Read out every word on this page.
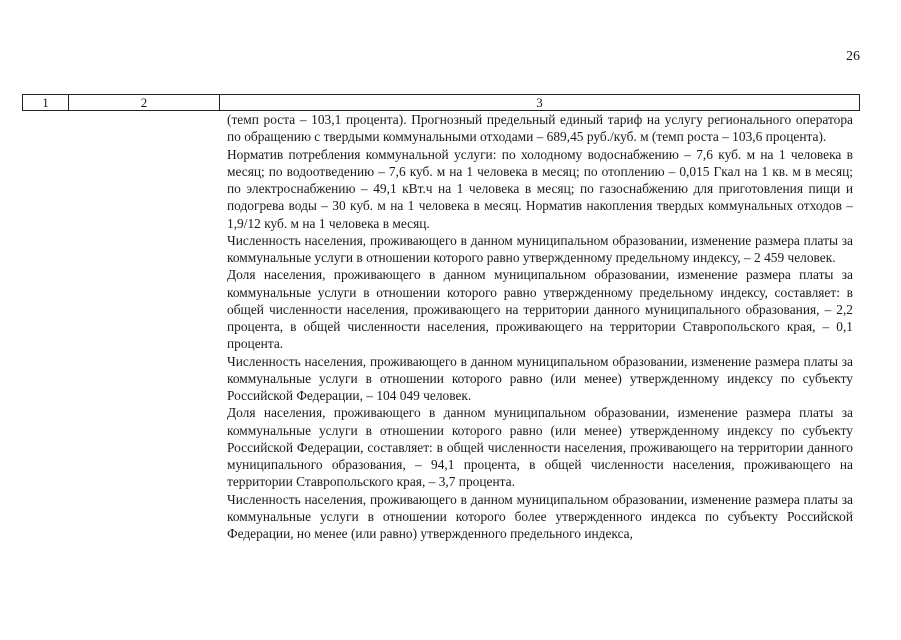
26
1	2	3

(темп роста – 103,1 процента). Прогнозный предельный единый тариф на услугу регионального оператора по обращению с твердыми коммунальными отходами – 689,45 руб./куб. м (темп роста – 103,6 процента).

Норматив потребления коммунальной услуги: по холодному водоснабжению – 7,6 куб. м на 1 человека в месяц; по водоотведению – 7,6 куб. м на 1 человека в месяц; по отоплению – 0,015 Гкал на 1 кв. м в месяц; по электроснабжению – 49,1 кВт.ч на 1 человека в месяц; по газоснабжению для приготовления пищи и подогрева воды – 30 куб. м на 1 человека в месяц. Норматив накопления твердых коммунальных отходов – 1,9/12 куб. м на 1 человека в месяц.

Численность населения, проживающего в данном муниципальном образовании, изменение размера платы за коммунальные услуги в отношении которого равно утвержденному предельному индексу, – 2 459 человек.

Доля населения, проживающего в данном муниципальном образовании, изменение размера платы за коммунальные услуги в отношении которого равно утвержденному предельному индексу, составляет: в общей численности населения, проживающего на территории данного муниципального образования, – 2,2 процента, в общей численности населения, проживающего на территории Ставропольского края, – 0,1 процента.

Численность населения, проживающего в данном муниципальном образовании, изменение размера платы за коммунальные услуги в отношении которого равно (или менее) утвержденному индексу по субъекту Российской Федерации, – 104 049 человек.

Доля населения, проживающего в данном муниципальном образовании, изменение размера платы за коммунальные услуги в отношении которого равно (или менее) утвержденному индексу по субъекту Российской Федерации, составляет: в общей численности населения, проживающего на территории данного муниципального образования, – 94,1 процента, в общей численности населения, проживающего на территории Ставропольского края, – 3,7 процента.

Численность населения, проживающего в данном муниципальном образовании, изменение размера платы за коммунальные услуги в отношении которого более утвержденного индекса по субъекту Российской Федерации, но менее (или равно) утвержденного предельного индекса,
